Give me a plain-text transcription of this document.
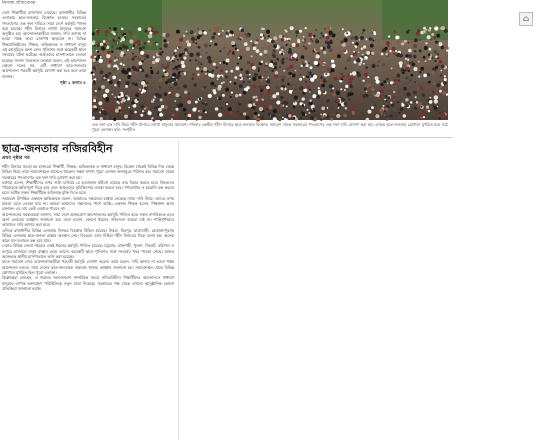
নিজস্ব প্রতিবেদক
দেশে শিক্ষার্থীরা রাজপথে নেমেছে। রাজধানীর বিভিন্ন এলাকায় ছাত্র-জনতার বিক্ষোভ চলছে। সরকারের পদত্যাগের এক দফা দাবিতে সারা দেশে কর্মসূচি পালন করা হয়েছে। শহীদ মিনারে লাখো মানুষের সমাবেশ অনুষ্ঠিত হয়। আন্দোলনকারীরা জানান, দাবি আদায় না হওয়া পর্যন্ত তারা রাজপথ ছাড়বেন না। বিভিন্ন শিক্ষাপ্রতিষ্ঠানের শিক্ষক, অভিভাবক ও সাধারণ মানুষ এই কর্মসূচিতে অংশ নেন। পুলিশের সঙ্গে কয়েকটি স্থানে সংঘর্ষের ঘটনা ঘটেছে। আহতদের হাসপাতালে নেওয়া হয়েছে। সংবাদ সম্মেলনে নেতারা বলেন, এই আন্দোলন কোনো দলের নয়, এটি সাধারণ ছাত্র-জনতার আন্দোলন। পরবর্তী কর্মসূচি ঘোষণা করা হবে বলে তারা জানান।
পৃষ্ঠা ২ কলাম ৫
⌂
এক দফা এক দাবি নিয়ে শহীদ মিনারে লাখো মানুষের সমাবেশ। শনিবার কেন্দ্রীয় শহীদ মিনারে ছাত্র-জনতার বিক্ষোভ সমাবেশ থেকে সরকারের পদত্যাগের এক দফা দাবি ঘোষণা করা হয়। এসময় ছাত্র-জনতার স্লোগানে মুখরিত হয়ে ওঠে পুরো এলাকা। ছবি: সংগৃহীত
ছাত্র-জনতার নজিরবিহীন
প্রথম পৃষ্ঠার পর
শহীদ মিনারে জড়ো হয় হাজারো শিক্ষার্থী, শিক্ষক, অভিভাবক ও সাধারণ মানুষ। বিকেল থেকেই বিভিন্ন দিক থেকে মিছিল নিয়ে তারা সমাবেশস্থলে আসতে থাকেন। সন্ধ্যা নাগাদ পুরো এলাকা জনসমুদ্রে পরিণত হয়। সমাবেশ থেকে সরকারের পদত্যাগের এক দফা দাবি ঘোষণা করা হয়।
বক্তারা বলেন, শিক্ষার্থীদের ওপর গুলি চালিয়ে যে হত্যাকাণ্ড ঘটানো হয়েছে তার বিচার করতে হবে। নিহতদের পরিবারকে ক্ষতিপূরণ দিতে হবে এবং আহতদের সুচিকিৎসার ব্যবস্থা করতে হবে। গণগ্রেপ্তার ও হয়রানি বন্ধ করতে হবে। আটক সকল শিক্ষার্থীকে অবিলম্বে মুক্তি দিতে হবে।
সমাবেশে উপস্থিত একজন অভিভাবক বলেন, আমাদের সন্তানেরা রাস্তায় নেমেছে ন্যায্য দাবি নিয়ে। তাদের ওপর হামলা মেনে নেওয়া যায় না। আমরা আমাদের সন্তানদের পাশে আছি। একজন শিক্ষক বলেন, শিক্ষাঙ্গন আজ রক্তাক্ত। এর দায় কেউ এড়াতে পারবে না।
আন্দোলনের সমন্বয়কেরা জানান, সারা দেশে অসহযোগ আন্দোলনের কর্মসূচি পালিত হবে। সকল নাগরিককে এতে অংশ নেওয়ার আহ্বান জানানো হয়। তারা বলেন, কোনো ধরনের সহিংসতা আমরা চাই না। শান্তিপূর্ণভাবে আমাদের দাবি আদায় করা হবে।
এদিকে রাজধানীর বিভিন্ন এলাকায় দিনভর বিক্ষোভ মিছিল হয়েছে। উত্তরা, মিরপুর, যাত্রাবাড়ী, মোহাম্মদপুরসহ বিভিন্ন এলাকায় ছাত্র-জনতা রাস্তায় অবস্থান নেয়। বিকেলে এসব মিছিল শহীদ মিনারের দিকে রওনা হয়। অনেক স্থানে যান চলাচল বন্ধ হয়ে যায়।
দেশের বিভিন্ন জেলা শহরেও একই ধরনের কর্মসূচি পালিত হয়েছে। চট্টগ্রাম, রাজশাহী, খুলনা, সিলেট, বরিশাল ও রংপুরে হাজারো মানুষ রাস্তায় নেমে আসে। কয়েকটি স্থানে পুলিশের সঙ্গে সংঘর্ষের খবর পাওয়া গেছে। আহত অনেককে স্থানীয় হাসপাতালে ভর্তি করা হয়েছে।
রাতে সমাবেশ শেষে আন্দোলনকারীরা পরবর্তী কর্মসূচি ঘোষণা করেন। তারা বলেন, দাবি আদায় না হওয়া পর্যন্ত আন্দোলন চলবে। সারা দেশের ছাত্র-জনতাকে ঐক্যবদ্ধ থাকার আহ্বান জানানো হয়। সমাবেশস্থল থেকে বিভিন্ন স্লোগানে মুখরিত ছিল পুরো এলাকা।
বিশ্লেষকরা বলছেন, এ ধরনের জনসমাবেশ সাম্প্রতিক সময়ে নজিরবিহীন। শিক্ষার্থীদের আন্দোলনে সাধারণ মানুষের ব্যাপক অংশগ্রহণ পরিস্থিতিকে নতুন মাত্রা দিয়েছে। সরকারের পক্ষ থেকে এখনো আনুষ্ঠানিক কোনো প্রতিক্রিয়া জানানো হয়নি।
